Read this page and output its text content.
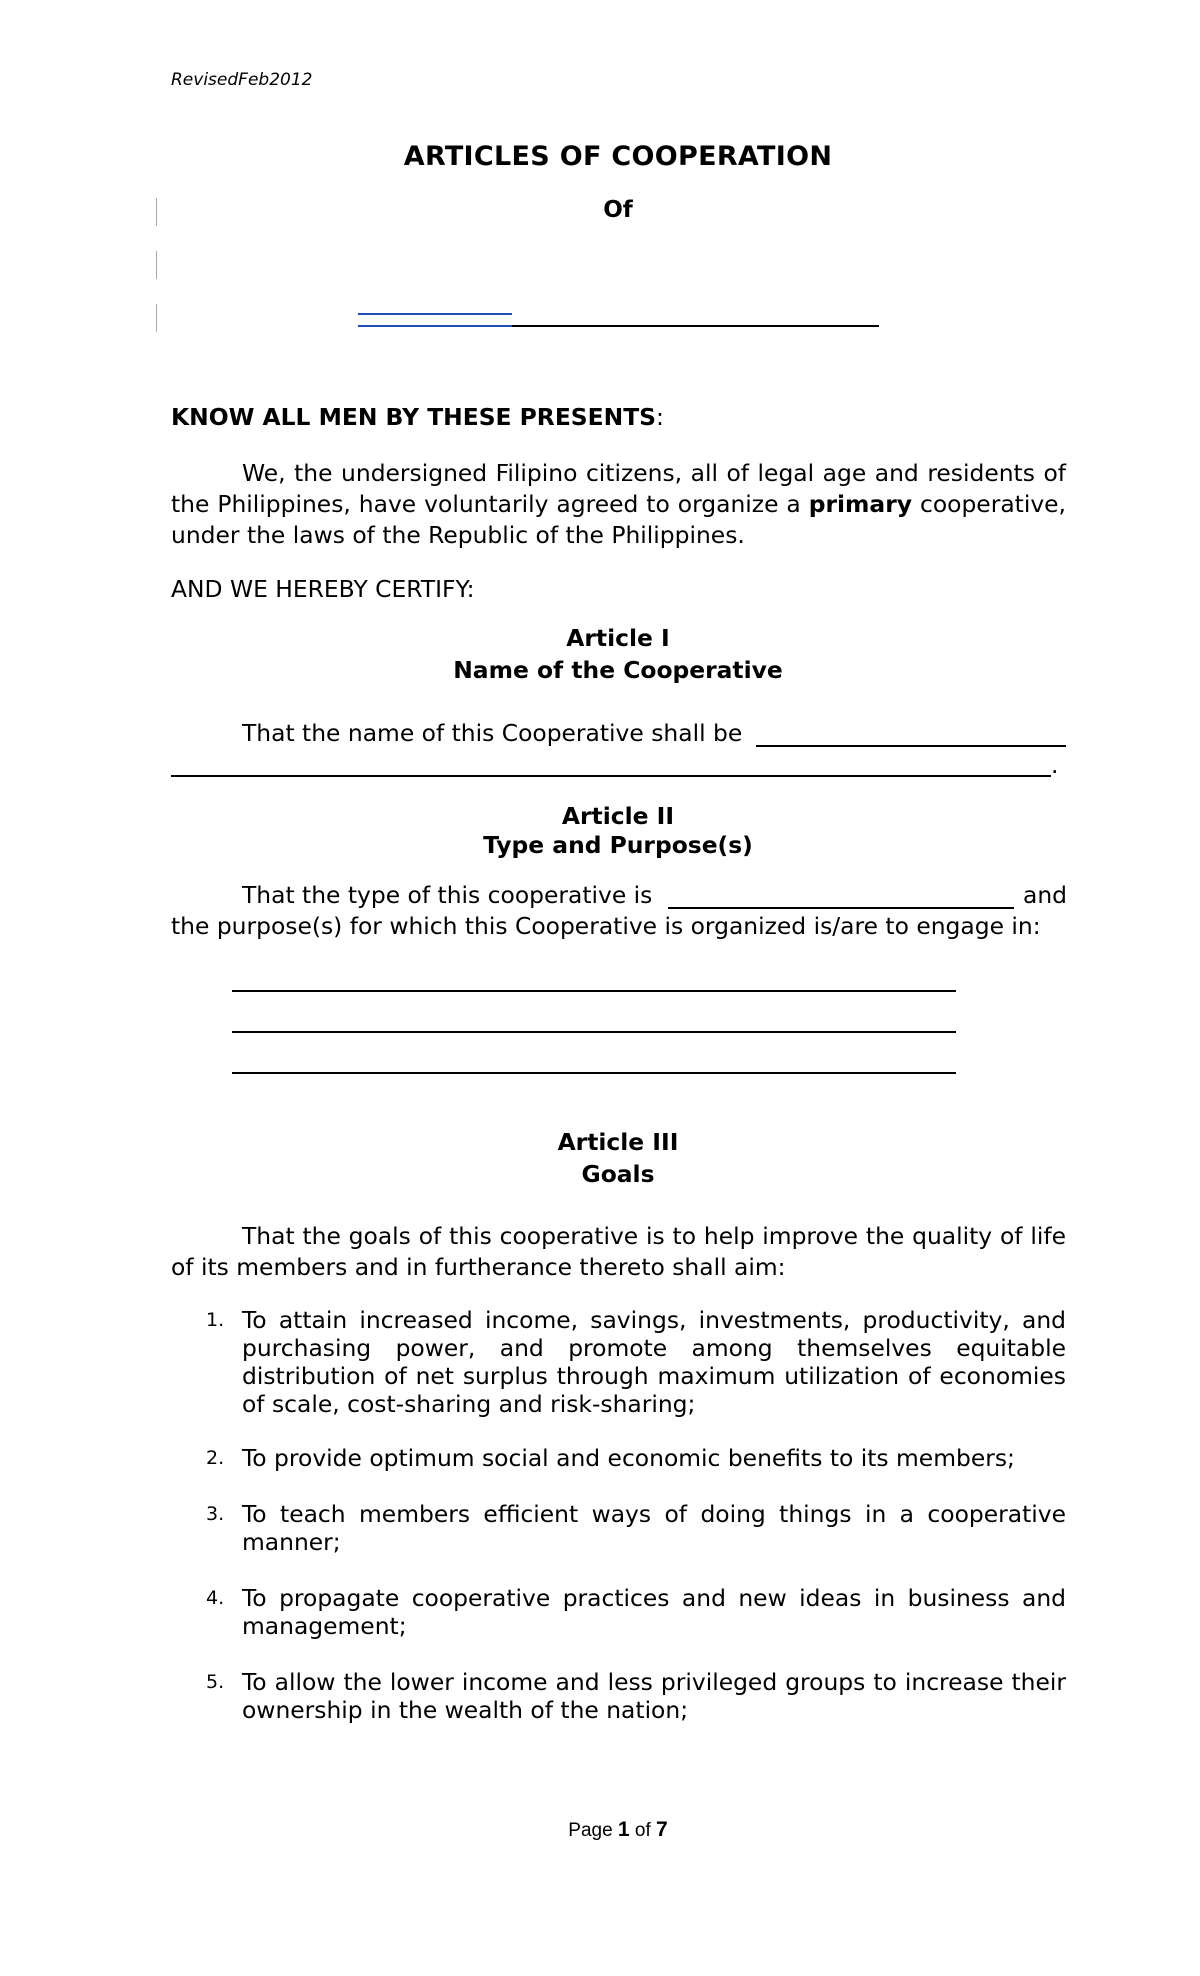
RevisedFeb2012
ARTICLES OF COOPERATION
Of
KNOW ALL MEN BY THESE PRESENTS:
We, the undersigned Filipino citizens, all of legal age and residents of the Philippines, have voluntarily agreed to organize a primary cooperative, under the laws of the Republic of the Philippines.
AND WE HEREBY CERTIFY:
Article I
Name of the Cooperative
That the name of this Cooperative shall be
.
Article II
Type and Purpose(s)
That the type of this cooperative is	and
the purpose(s) for which this Cooperative is organized is/are to engage in:
Article III
Goals
That the goals of this cooperative is to help improve the quality of life of its members and in furtherance thereto shall aim:
1. To attain increased income, savings, investments, productivity, and purchasing power, and promote among themselves equitable distribution of net surplus through maximum utilization of economies of scale, cost-sharing and risk-sharing;
2. To provide optimum social and economic benefits to its members;
3. To teach members efficient ways of doing things in a cooperative manner;
4. To propagate cooperative practices and new ideas in business and management;
5. To allow the lower income and less privileged groups to increase their ownership in the wealth of the nation;
Page 1 of 7
